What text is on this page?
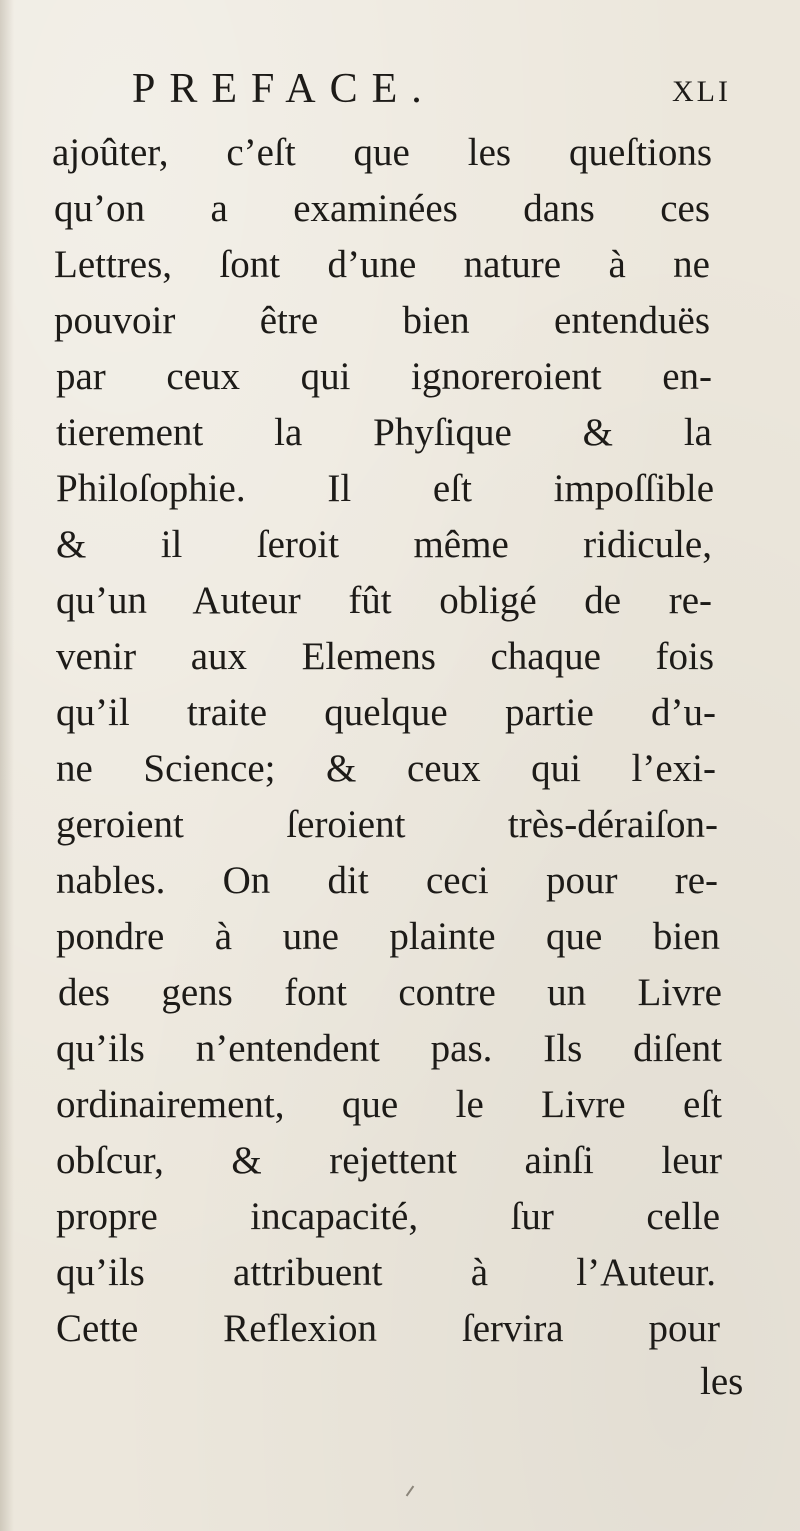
PREFACE.	XLI
ajoûter, c’eſt que les queſtions
qu’on a examinées dans ces
Lettres, ſont d’une nature à ne
pouvoir être bien entenduës
par ceux qui ignoreroient en-
tierement la Phyſique & la
Philoſophie. Il eſt impoſſible
& il ſeroit même ridicule,
qu’un Auteur fût obligé de re-
venir aux Elemens chaque fois
qu’il traite quelque partie d’u-
ne Science; & ceux qui l’exi-
geroient ſeroient très-déraiſon-
nables. On dit ceci pour re-
pondre à une plainte que bien
des gens font contre un Livre
qu’ils n’entendent pas. Ils diſent
ordinairement, que le Livre eſt
obſcur, & rejettent ainſi leur
propre incapacité, ſur celle
qu’ils attribuent à l’Auteur.
Cette Reflexion ſervira pour
les
